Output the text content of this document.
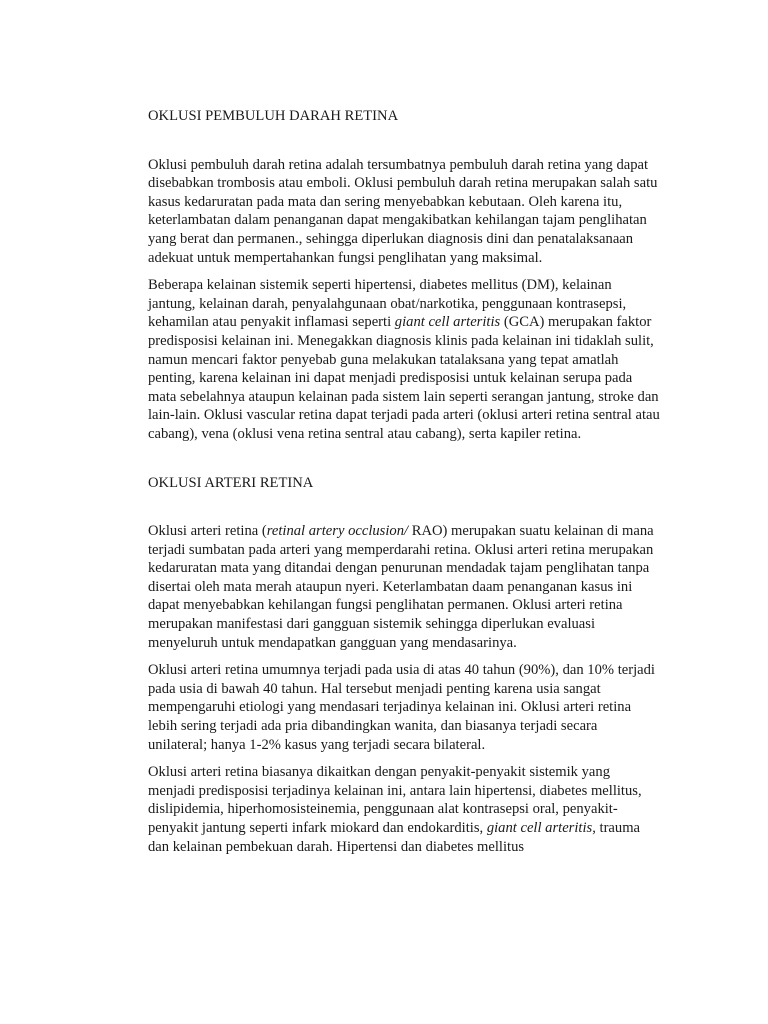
OKLUSI PEMBULUH DARAH RETINA

Oklusi pembuluh darah retina adalah tersumbatnya pembuluh darah retina yang dapat disebabkan trombosis atau emboli. Oklusi pembuluh darah retina merupakan salah satu kasus kedaruratan pada mata dan sering menyebabkan kebutaan. Oleh karena itu, keterlambatan dalam penanganan dapat mengakibatkan kehilangan tajam penglihatan yang berat dan permanen., sehingga diperlukan diagnosis dini dan penatalaksanaan adekuat untuk mempertahankan fungsi penglihatan yang maksimal.

Beberapa kelainan sistemik seperti hipertensi, diabetes mellitus (DM), kelainan jantung, kelainan darah, penyalahgunaan obat/narkotika, penggunaan kontrasepsi, kehamilan atau penyakit inflamasi seperti giant cell arteritis (GCA) merupakan faktor predisposisi kelainan ini. Menegakkan diagnosis klinis pada kelainan ini tidaklah sulit, namun mencari faktor penyebab guna melakukan tatalaksana yang tepat amatlah penting, karena kelainan ini dapat menjadi predisposisi untuk kelainan serupa pada mata sebelahnya ataupun kelainan pada sistem lain seperti serangan jantung, stroke dan lain-lain. Oklusi vascular retina dapat terjadi pada arteri (oklusi arteri retina sentral atau cabang), vena (oklusi vena retina sentral atau cabang), serta kapiler retina.

OKLUSI ARTERI RETINA

Oklusi arteri retina (retinal artery occlusion/ RAO) merupakan suatu kelainan di mana terjadi sumbatan pada arteri yang memperdarahi retina. Oklusi arteri retina merupakan kedaruratan mata yang ditandai dengan penurunan mendadak tajam penglihatan tanpa disertai oleh mata merah ataupun nyeri. Keterlambatan daam penanganan kasus ini dapat menyebabkan kehilangan fungsi penglihatan permanen. Oklusi arteri retina merupakan manifestasi dari gangguan sistemik sehingga diperlukan evaluasi menyeluruh untuk mendapatkan gangguan yang mendasarinya.

Oklusi arteri retina umumnya terjadi pada usia di atas 40 tahun (90%), dan 10% terjadi pada usia di bawah 40 tahun. Hal tersebut menjadi penting karena usia sangat mempengaruhi etiologi yang mendasari terjadinya kelainan ini. Oklusi arteri retina lebih sering terjadi ada pria dibandingkan wanita, dan biasanya terjadi secara unilateral; hanya 1-2% kasus yang terjadi secara bilateral.

Oklusi arteri retina biasanya dikaitkan dengan penyakit-penyakit sistemik yang menjadi predisposisi terjadinya kelainan ini, antara lain hipertensi, diabetes mellitus, dislipidemia, hiperhomosisteinemia, penggunaan alat kontrasepsi oral, penyakit-penyakit jantung seperti infark miokard dan endokarditis, giant cell arteritis, trauma dan kelainan pembekuan darah. Hipertensi dan diabetes mellitus
